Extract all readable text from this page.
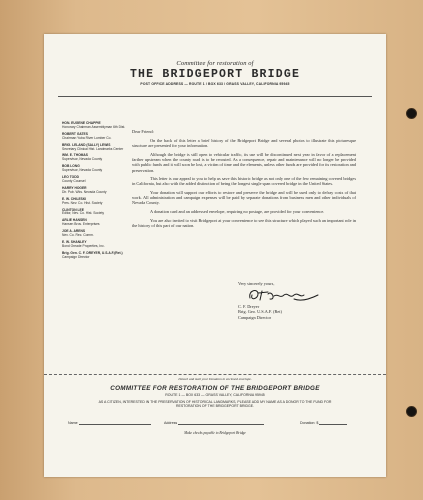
Committee for restoration of
THE BRIDGEPORT BRIDGE
POST OFFICE ADDRESS — ROUTE 1 / BOX 633 / GRASS VALLEY, CALIFORNIA 95945
HON. EUGENE CHAPPIE
Honorary Chairman Assemblyman 6th Dist.
ROBERT GATES
Chairman Yuba River Lumber Co.
BRIG. LELAND (SALLY) LEWIS
Secretary Clinical Hist. Landmarks Center
WM. E. THOMAS
Supervisor, Nevada County
BOB LONG
Supervisor, Nevada County
LEO TODD
County Counsel
HARRY HOGER
Dir. Pub. Wks. Nevada County
E. W. CHILESKI
Pres. Nev. Co. Hist. Society
CLINTON LEE
Editor, Nev. Co. Hist. Society
ARLIE HANSEN
Hansen Bros. Enterprises
JOE A. ARENS
Nev. Co. Rec. Comm.
E. W. SHANLEY
Bond Oreade Properties, Inc.
Brig. Gen. C. F. DREYER, U.S.A.F.(Ret.)
Campaign Director

Dear Friend:

On the back of this letter a brief history of the Bridgeport Bridge and several photos to illustrate this picturesque structure are presented for your information.

Although the bridge is still open to vehicular traffic, its use will be discontinued next year in favor of a replacement farther upstream when the county road is to be rerouted. As a consequence, repair and maintenance will no longer be provided with public funds and it will soon be lost, a victim of time and the elements, unless other funds are provided for its restoration and preservation.

This letter is our appeal to you to help us save this historic bridge as not only one of the few remaining covered bridges in California, but also with the added distinction of being the longest single span covered bridge in the United States.

Your donation will support our efforts to restore and preserve the bridge and will be used only to defray costs of that work. All administration and campaign expenses will be paid by separate donations from business men and other individuals of Nevada County.

A donation card and an addressed envelope, requiring no postage, are provided for your convenience.

You are also invited to visit Bridgeport at your convenience to see this structure which played such an important role in the history of this part of our nation.

Very sincerely yours,
C. F. Dreyer
Brig. Geo. U.S.A.F. (Ret)
Campaign Director
Detach and mail your Donation in enclosed envelope.
COMMITTEE FOR RESTORATION OF THE BRIDGEPORT BRIDGE
ROUTE 1 — BOX 633 — GRASS VALLEY, CALIFORNIA 95945
AS A CITIZEN, INTERESTED IN THE PRESERVATION OF HISTORICAL LANDMARKS, PLEASE ADD MY NAME AS A DONOR TO THE FUND FOR RESTORATION OF THE BRIDGEPORT BRIDGE.
Name	Address	Donation: $
Make checks payable to Bridgeport Bridge
